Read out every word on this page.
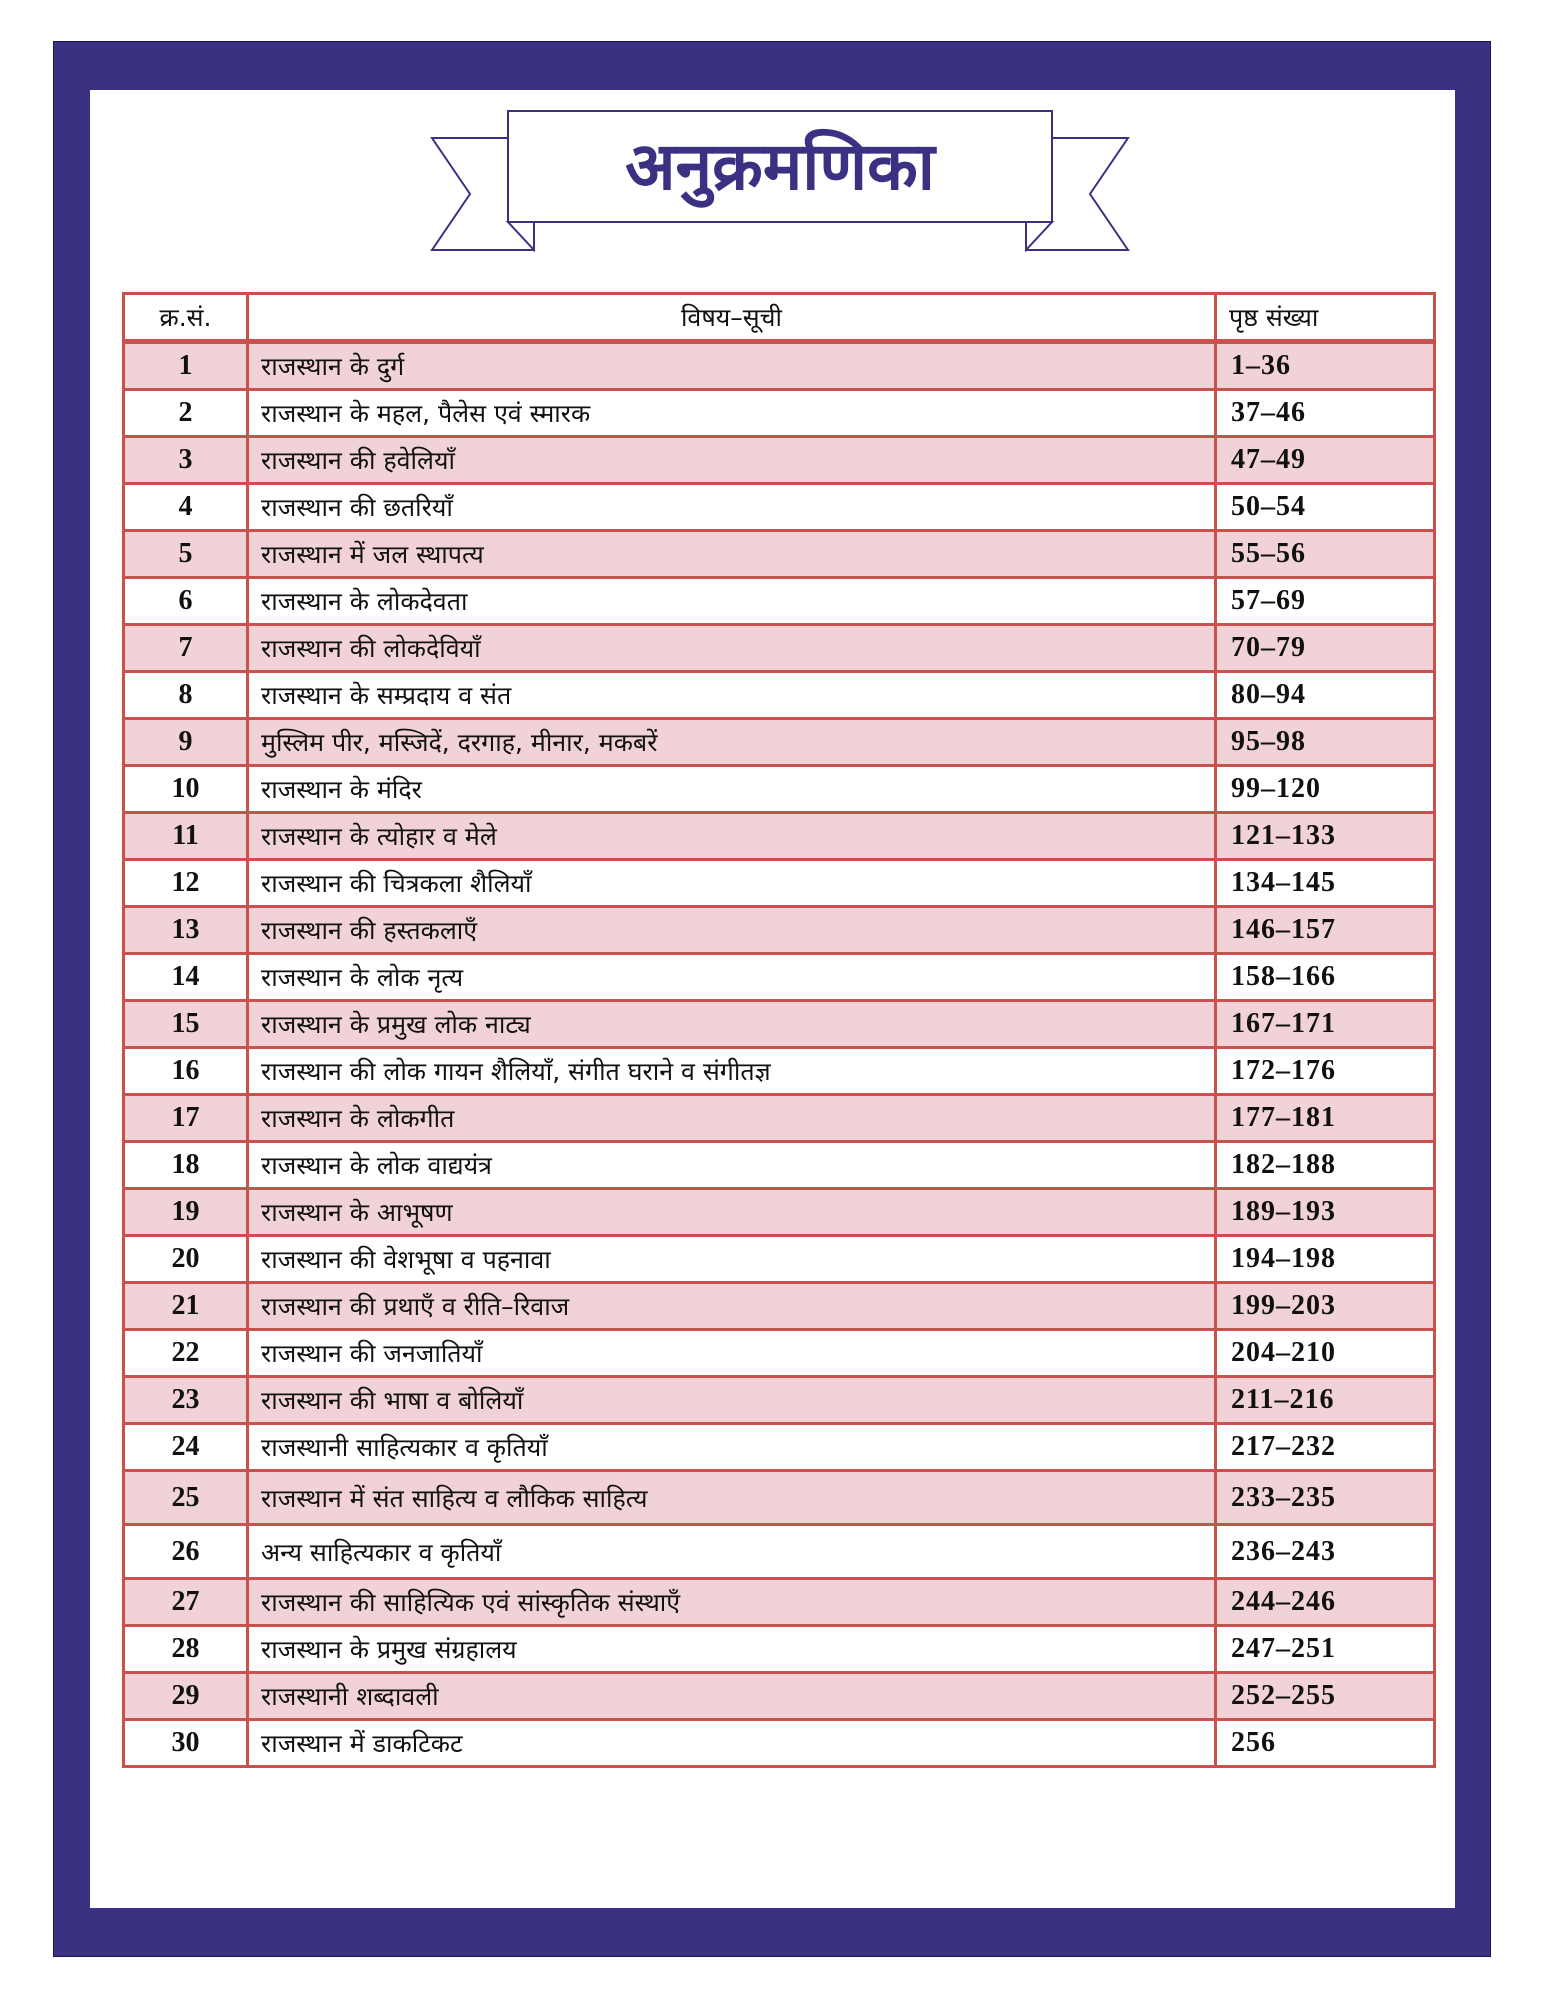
अनुक्रमणिका
क्र.सं.	विषय–सूची	पृष्ठ संख्या
1	राजस्थान के दुर्ग	1–36
2	राजस्थान के महल, पैलेस एवं स्मारक	37–46
3	राजस्थान की हवेलियाँ	47–49
4	राजस्थान की छतरियाँ	50–54
5	राजस्थान में जल स्थापत्य	55–56
6	राजस्थान के लोकदेवता	57–69
7	राजस्थान की लोकदेवियाँ	70–79
8	राजस्थान के सम्प्रदाय व संत	80–94
9	मुस्लिम पीर, मस्जिदें, दरगाह, मीनार, मकबरें	95–98
10	राजस्थान के मंदिर	99–120
11	राजस्थान के त्योहार व मेले	121–133
12	राजस्थान की चित्रकला शैलियाँ	134–145
13	राजस्थान की हस्तकलाएँ	146–157
14	राजस्थान के लोक नृत्य	158–166
15	राजस्थान के प्रमुख लोक नाट्य	167–171
16	राजस्थान की लोक गायन शैलियाँ, संगीत घराने व संगीतज्ञ	172–176
17	राजस्थान के लोकगीत	177–181
18	राजस्थान के लोक वाद्ययंत्र	182–188
19	राजस्थान के आभूषण	189–193
20	राजस्थान की वेशभूषा व पहनावा	194–198
21	राजस्थान की प्रथाएँ व रीति–रिवाज	199–203
22	राजस्थान की जनजातियाँ	204–210
23	राजस्थान की भाषा व बोलियाँ	211–216
24	राजस्थानी साहित्यकार व कृतियाँ	217–232
25	राजस्थान में संत साहित्य व लौकिक साहित्य	233–235
26	अन्य साहित्यकार व कृतियाँ	236–243
27	राजस्थान की साहित्यिक एवं सांस्कृतिक संस्थाएँ	244–246
28	राजस्थान के प्रमुख संग्रहालय	247–251
29	राजस्थानी शब्दावली	252–255
30	राजस्थान में डाकटिकट	256
